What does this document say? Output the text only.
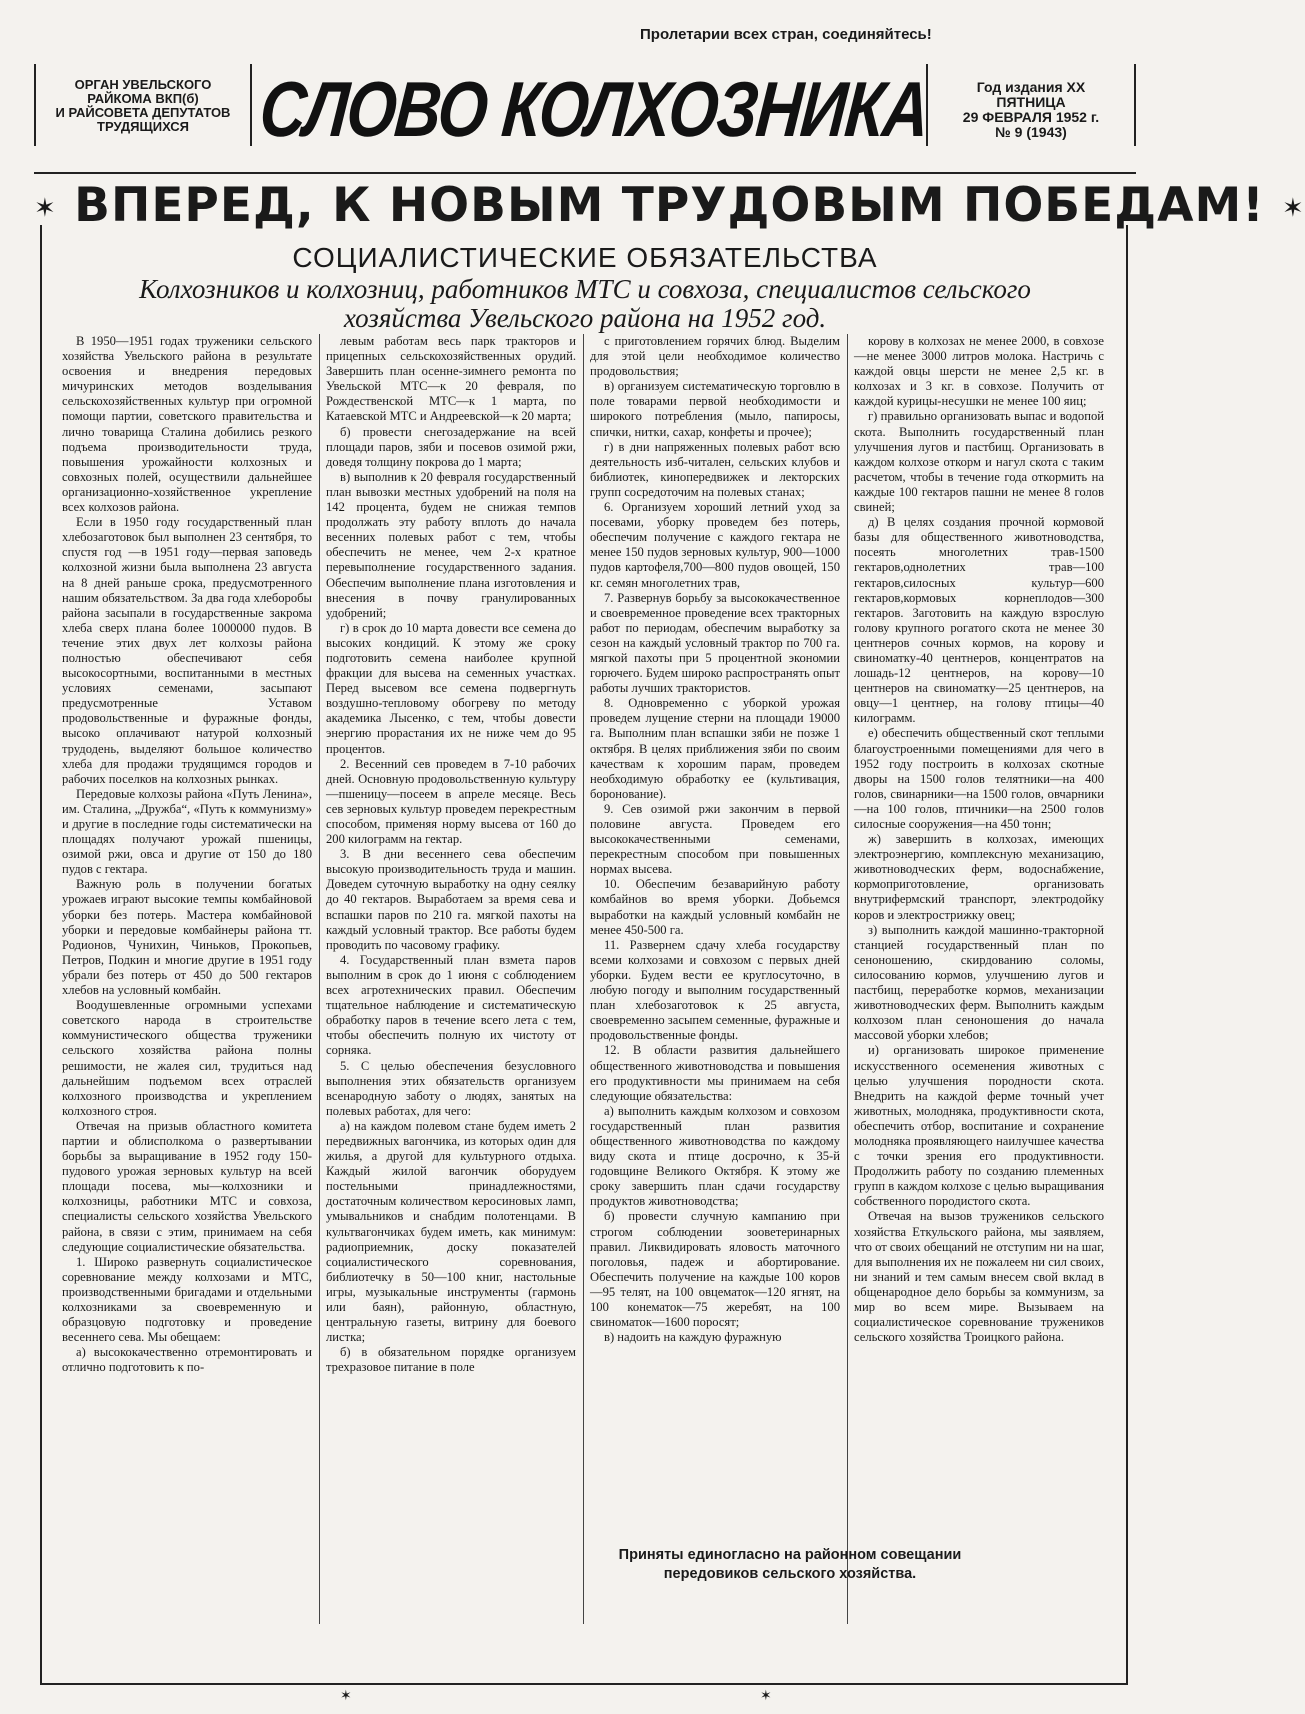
Пролетарии всех стран, соединяйтесь!
ОРГАН УВЕЛЬСКОГО
РАЙКОМА ВКП(б)
И РАЙСОВЕТА ДЕПУТАТОВ
ТРУДЯЩИХСЯ СЛОВО КОЛХОЗНИКА	Год издания XX
ПЯТНИЦА
29 ФЕВРАЛЯ 1952 г.
№ 9 (1943)
✶ ВПЕРЕД, К НОВЫМ ТРУДОВЫМ ПОБЕДАМ! ✶
СОЦИАЛИСТИЧЕСКИЕ ОБЯЗАТЕЛЬСТВА
Колхозников и колхозниц, работников МТС и совхоза, специалистов сельского хозяйства Увельского района на 1952 год.

В 1950—1951 годах труженики сельского хозяйства Увельского района в результате освоения и внедрения передовых мичуринских методов возделывания сельскохозяйственных культур при огромной помощи партии, советского правительства и лично товарища Сталина добились резкого подъема производительности труда, повышения урожайности колхозных и совхозных полей, осуществили дальнейшее организационно-хозяйственное укрепление всех колхозов района.

Если в 1950 году государственный план хлебозаготовок был выполнен 23 сентября, то спустя год —в 1951 году—первая заповедь колхозной жизни была выполнена 23 августа на 8 дней раньше срока, предусмотренного нашим обязательством. За два года хлеборобы района засыпали в государственные закрома хлеба сверх плана более 1000000 пудов. В течение этих двух лет колхозы района полностью обеспечивают себя высокосортными, воспитанными в местных условиях семенами, засыпают предусмотренные Уставом продовольственные и фуражные фонды, высоко оплачивают натурой колхозный трудодень, выделяют большое количество хлеба для продажи трудящимся городов и рабочих поселков на колхозных рынках.

Передовые колхозы района «Путь Ленина», им. Сталина, „Дружба“, «Путь к коммунизму» и другие в последние годы систематически на площадях получают урожай пшеницы, озимой ржи, овса и другие от 150 до 180 пудов с гектара.

Важную роль в получении богатых урожаев играют высокие темпы комбайновой уборки без потерь. Мастера комбайновой уборки и передовые комбайнеры района тт. Родионов, Чунихин, Чиньков, Прокопьев, Петров, Подкин и многие другие в 1951 году убрали без потерь от 450 до 500 гектаров хлебов на условный комбайн.

Воодушевленные огромными успехами советского народа в строительстве коммунистического общества труженики сельского хозяйства района полны решимости, не жалея сил, трудиться над дальнейшим подъемом всех отраслей колхозного производства и укреплением колхозного строя.

Отвечая на призыв областного комитета партии и облисполкома о развертывании борьбы за выращивание в 1952 году 150-пудового урожая зерновых культур на всей площади посева, мы—колхозники и колхозницы, работники МТС и совхоза, специалисты сельского хозяйства Увельского района, в связи с этим, принимаем на себя следующие социалистические обязательства.

1. Широко развернуть социалистическое соревнование между колхозами и МТС, производственными бригадами и отдельными колхозниками за своевременную и образцовую подготовку и проведение весеннего сева. Мы обещаем:

а) высококачественно отремонтировать и отлично подготовить к по-

левым работам весь парк тракторов и прицепных сельскохозяйственных орудий. Завершить план осенне-зимнего ремонта по Увельской МТС—к 20 февраля, по Рождественской МТС—к 1 марта, по Катаевской МТС и Андреевской—к 20 марта;

б) провести снегозадержание на всей площади паров, зяби и посевов озимой ржи, доведя толщину покрова до 1 марта;

в) выполнив к 20 февраля государственный план вывозки местных удобрений на поля на 142 процента, будем не снижая темпов продолжать эту работу вплоть до начала весенних полевых работ с тем, чтобы обеспечить не менее, чем 2-х кратное перевыполнение государственного задания. Обеспечим выполнение плана изготовления и внесения в почву гранулированных удобрений;

г) в срок до 10 марта довести все семена до высоких кондиций. К этому же сроку подготовить семена наиболее крупной фракции для высева на семенных участках. Перед высевом все семена подвергнуть воздушно-тепловому обогреву по методу академика Лысенко, с тем, чтобы довести энергию прорастания их не ниже чем до 95 процентов.

2. Весенний сев проведем в 7-10 рабочих дней. Основную продовольственную культуру—пшеницу—посеем в апреле месяце. Весь сев зерновых культур проведем перекрестным способом, применяя норму высева от 160 до 200 килограмм на гектар.

3. В дни весеннего сева обеспечим высокую производительность труда и машин. Доведем суточную выработку на одну сеялку до 40 гектаров. Выработаем за время сева и вспашки паров по 210 га. мягкой пахоты на каждый условный трактор. Все работы будем проводить по часовому графику.

4. Государственный план взмета паров выполним в срок до 1 июня с соблюдением всех агротехнических правил. Обеспечим тщательное наблюдение и систематическую обработку паров в течение всего лета с тем, чтобы обеспечить полную их чистоту от сорняка.

5. С целью обеспечения безусловного выполнения этих обязательств организуем всенародную заботу о людях, занятых на полевых работах, для чего:

а) на каждом полевом стане будем иметь 2 передвижных вагончика, из которых один для жилья, а другой для культурного отдыха. Каждый жилой вагончик оборудуем постельными принадлежностями, достаточным количеством керосиновых ламп, умывальников и снабдим полотенцами. В культвагончиках будем иметь, как минимум: радиоприемник, доску показателей социалистического соревнования, библиотечку в 50—100 книг, настольные игры, музыкальные инструменты (гармонь или баян), районную, областную, центральную газеты, витрину для боевого листка;

б) в обязательном порядке организуем трехразовое питание в поле

с приготовлением горячих блюд. Выделим для этой цели необходимое количество продовольствия;

в) организуем систематическую торговлю в поле товарами первой необходимости и широкого потребления (мыло, папиросы, спички, нитки, сахар, конфеты и прочее);

г) в дни напряженных полевых работ всю деятельность изб-читален, сельских клубов и библиотек, кинопередвижек и лекторских групп сосредоточим на полевых станах;

6. Организуем хороший летний уход за посевами, уборку проведем без потерь, обеспечим получение с каждого гектара не менее 150 пудов зерновых культур, 900—1000 пудов картофеля,700—800 пудов овощей, 150 кг. семян многолетних трав,

7. Развернув борьбу за высококачественное и своевременное проведение всех тракторных работ по периодам, обеспечим выработку за сезон на каждый условный трактор по 700 га. мягкой пахоты при 5 процентной экономии горючего. Будем широко распространять опыт работы лучших трактористов.

8. Одновременно с уборкой урожая проведем лущение стерни на площади 19000 га. Выполним план вспашки зяби не позже 1 октября. В целях приближения зяби по своим качествам к хорошим парам, проведем необходимую обработку ее (культивация, боронование).

9. Сев озимой ржи закончим в первой половине августа. Проведем его высококачественными семенами, перекрестным способом при повышенных нормах высева.

10. Обеспечим безаварийную работу комбайнов во время уборки. Добьемся выработки на каждый условный комбайн не менее 450-500 га.

11. Развернем сдачу хлеба государству всеми колхозами и совхозом с первых дней уборки. Будем вести ее круглосуточно, в любую погоду и выполним государственный план хлебозаготовок к 25 августа, своевременно засыпем семенные, фуражные и продовольственные фонды.

12. В области развития дальнейшего общественного животноводства и повышения его продуктивности мы принимаем на себя следующие обязательства:

а) выполнить каждым колхозом и совхозом государственный план развития общественного животноводства по каждому виду скота и птице досрочно, к 35-й годовщине Великого Октября. К этому же сроку завершить план сдачи государству продуктов животноводства;

б) провести случную кампанию при строгом соблюдении зооветеринарных правил. Ликвидировать яловость маточного поголовья, падеж и абортирование. Обеспечить получение на каждые 100 коров—95 телят, на 100 овцематок—120 ягнят, на 100 конематок—75 жеребят, на 100 свиноматок—1600 поросят;

в) надоить на каждую фуражную

корову в колхозах не менее 2000, в совхозе—не менее 3000 литров молока. Настричь с каждой овцы шерсти не менее 2,5 кг. в колхозах и 3 кг. в совхозе. Получить от каждой курицы-несушки не менее 100 яиц;

г) правильно организовать выпас и водопой скота. Выполнить государственный план улучшения лугов и пастбищ. Организовать в каждом колхозе откорм и нагул скота с таким расчетом, чтобы в течение года откормить на каждые 100 гектаров пашни не менее 8 голов свиней;

д) В целях создания прочной кормовой базы для общественного животноводства, посеять многолетних трав-1500 гектаров,однолетних трав—100 гектаров,силосных культур—600 гектаров,кормовых корнеплодов—300 гектаров. Заготовить на каждую взрослую голову крупного рогатого скота не менее 30 центнеров сочных кормов, на корову и свиноматку-40 центнеров, концентратов на лошадь-12 центнеров, на корову—10 центнеров на свиноматку—25 центнеров, на овцу—1 центнер, на голову птицы—40 килограмм.

е) обеспечить общественный скот теплыми благоустроенными помещениями для чего в 1952 году построить в колхозах скотные дворы на 1500 голов телятники—на 400 голов, свинарники—на 1500 голов, овчарники—на 100 голов, птичники—на 2500 голов силосные сооружения—на 450 тонн;

ж) завершить в колхозах, имеющих электроэнергию, комплексную механизацию, животноводческих ферм, водоснабжение, кормоприготовление, организовать внутрифермский транспорт, электродойку коров и электрострижку овец;

з) выполнить каждой машинно-тракторной станцией государственный план по сеноношению, скирдованию соломы, силосованию кормов, улучшению лугов и пастбищ, переработке кормов, механизации животноводческих ферм. Выполнить каждым колхозом план сеноношения до начала массовой уборки хлебов;

и) организовать широкое применение искусственного осеменения животных с целью улучшения породности скота. Внедрить на каждой ферме точный учет животных, молодняка, продуктивности скота, обеспечить отбор, воспитание и сохранение молодняка проявляющего наилучшее качества с точки зрения его продуктивности. Продолжить работу по созданию племенных групп в каждом колхозе с целью выращивания собственного породистого скота.

Отвечая на вызов тружеников сельского хозяйства Еткульского района, мы заявляем, что от своих обещаний не отступим ни на шаг, для выполнения их не пожалеем ни сил своих, ни знаний и тем самым внесем свой вклад в общенародное дело борьбы за коммунизм, за мир во всем мире. Вызываем на социалистическое соревнование тружеников сельского хозяйства Троицкого района.

Приняты единогласно на районном совещании передовиков сельского хозяйства.
✶	✶
